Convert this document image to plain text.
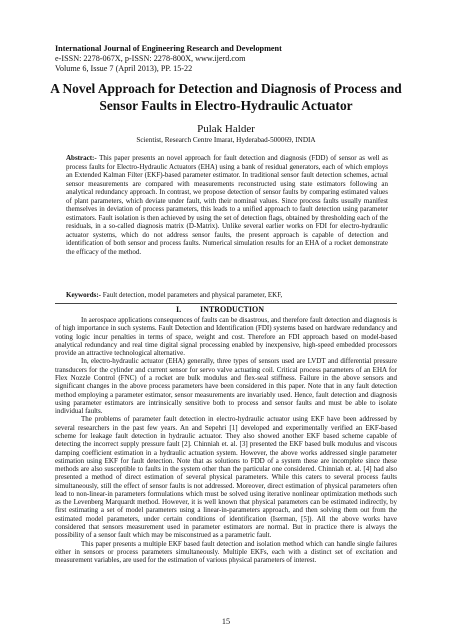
International Journal of Engineering Research and Development
e-ISSN: 2278-067X, p-ISSN: 2278-800X, www.ijerd.com
Volume 6, Issue 7 (April 2013), PP. 15-22
A Novel Approach for Detection and Diagnosis of Process and Sensor Faults in Electro-Hydraulic Actuator
Pulak Halder
Scientist, Research Centre Imarat, Hyderabad-500069, INDIA
Abstract:- This paper presents an novel approach for fault detection and diagnosis (FDD) of sensor as well as process faults for Electro-Hydraulic Actuators (EHA) using a bank of residual generators, each of which employs an Extended Kalman Filter (EKF)-based parameter estimator. In traditional sensor fault detection schemes, actual sensor measurements are compared with measurements reconstructed using state estimators following an analytical redundancy approach. In contrast, we propose detection of sensor faults by comparing estimated values of plant parameters, which deviate under fault, with their nominal values. Since process faults usually manifest themselves in deviation of process parameters, this leads to a unified approach to fault detection using parameter estimators. Fault isolation is then achieved by using the set of detection flags, obtained by thresholding each of the residuals, in a so-called diagnosis matrix (D-Matrix). Unlike several earlier works on FDI for electro-hydraulic actuator systems, which do not address sensor faults, the present approach is capable of detection and identification of both sensor and process faults. Numerical simulation results for an EHA of a rocket demonstrate the efficacy of the method.
Keywords:- Fault detection, model parameters and physical parameter, EKF,
I. INTRODUCTION

In aerospace applications consequences of faults can be disastrous, and therefore fault detection and diagnosis is of high importance in such systems. Fault Detection and Identification (FDI) systems based on hardware redundancy and voting logic incur penalties in terms of space, weight and cost. Therefore an FDI approach based on model-based analytical redundancy and real time digital signal processing enabled by inexpensive, high-speed embedded processors provide an attractive technological alternative.

In, electro-hydraulic actuator (EHA) generally, three types of sensors used are LVDT and differential pressure transducers for the cylinder and current sensor for servo valve actuating coil. Critical process parameters of an EHA for Flex Nozzle Control (FNC) of a rocket are bulk modulus and flex-seal stiffness. Failure in the above sensors and significant changes in the above process parameters have been considered in this paper. Note that in any fault detection method employing a parameter estimator, sensor measurements are invariably used. Hence, fault detection and diagnosis using parameter estimators are intrinsically sensitive both to process and sensor faults and must be able to isolate individual faults.

The problems of parameter fault detection in electro-hydraulic actuator using EKF have been addressed by several researchers in the past few years. An and Sepehri [1] developed and experimentally verified an EKF-based scheme for leakage fault detection in hydraulic actuator. They also showed another EKF based scheme capable of detecting the incorrect supply pressure fault [2]. Chinniah et. al. [3] presented the EKF based bulk modulus and viscous damping coefficient estimation in a hydraulic actuation system. However, the above works addressed single parameter estimation using EKF for fault detection. Note that as solutions to FDD of a system these are incomplete since these methods are also susceptible to faults in the system other than the particular one considered. Chinniah et. al. [4] had also presented a method of direct estimation of several physical parameters. While this caters to several process faults simultaneously, still the effect of sensor faults is not addressed. Moreover, direct estimation of physical parameters often lead to non-linear-in parameters formulations which must be solved using iterative nonlinear optimization methods such as the Levenberg Marquardt method. However, it is well known that physical parameters can be estimated indirectly, by first estimating a set of model parameters using a linear-in-parameters approach, and then solving them out from the estimated model parameters, under certain conditions of identification (Iserman, [5]). All the above works have considered that sensors measurement used in parameter estimators are normal. But in practice there is always the possibility of a sensor fault which may be misconstrued as a parametric fault.

This paper presents a multiple EKF based fault detection and isolation method which can handle single failures either in sensors or process parameters simultaneously. Multiple EKFs, each with a distinct set of excitation and measurement variables, are used for the estimation of various physical parameters of interest.

15
